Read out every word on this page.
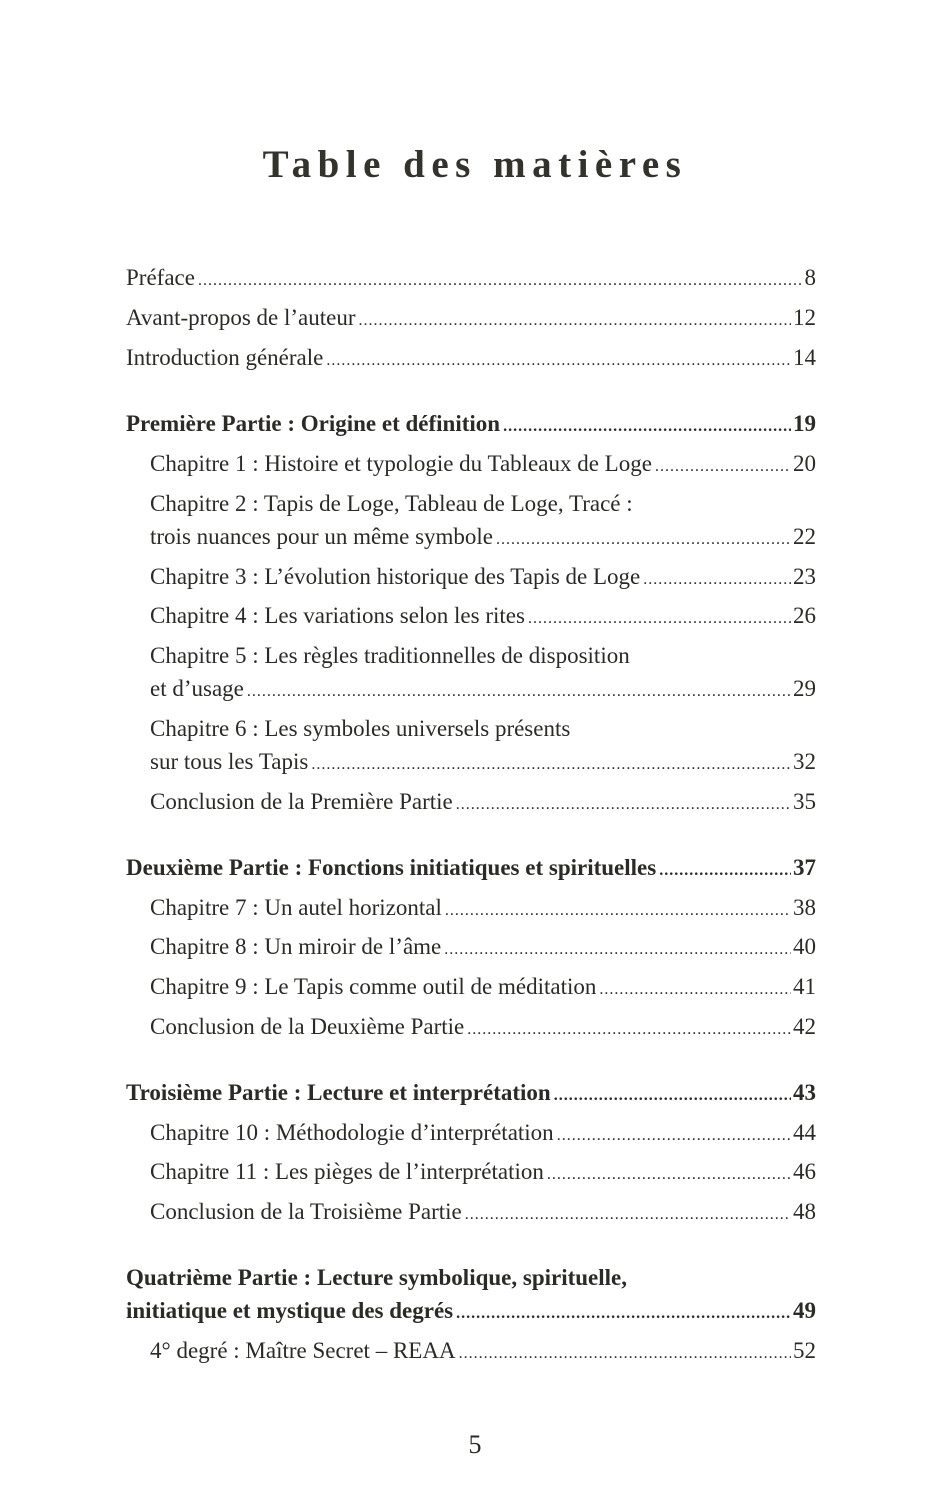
Table des matières
Préface .....	8
Avant-propos de l’auteur .....	12
Introduction générale .....	14
Première Partie : Origine et définition .....	19
Chapitre 1 : Histoire et typologie du Tableaux de Loge .....	20
Chapitre 2 : Tapis de Loge, Tableau de Loge, Tracé :
trois nuances pour un même symbole .....	22
Chapitre 3 : L’évolution historique des Tapis de Loge .....	23
Chapitre 4 : Les variations selon les rites .....	26
Chapitre 5 : Les règles traditionnelles de disposition
et d’usage .....	29
Chapitre 6 : Les symboles universels présents
sur tous les Tapis .....	32
Conclusion de la Première Partie .....	35
Deuxième Partie : Fonctions initiatiques et spirituelles .....	37
Chapitre 7 : Un autel horizontal .....	38
Chapitre 8 : Un miroir de l’âme .....	40
Chapitre 9 : Le Tapis comme outil de méditation .....	41
Conclusion de la Deuxième Partie .....	42
Troisième Partie : Lecture et interprétation .....	43
Chapitre 10 : Méthodologie d’interprétation .....	44
Chapitre 11 : Les pièges de l’interprétation .....	46
Conclusion de la Troisième Partie .....	48
Quatrième Partie : Lecture symbolique, spirituelle,
initiatique et mystique des degrés .....	49
4° degré : Maître Secret – REAA .....	52
5
